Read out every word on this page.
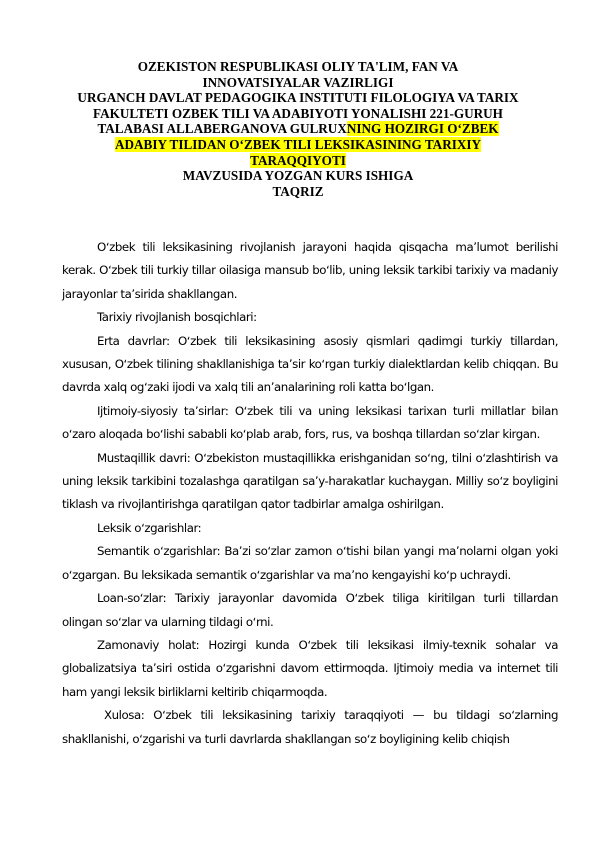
OZEKISTON RESPUBLIKASI OLIY TA'LIM, FAN VA
INNOVATSIYALAR VAZIRLIGI
URGANCH DAVLAT PEDAGOGIKA INSTITUTI FILOLOGIYA VA TARIX
FAKULTETI OZBEK TILI VA ADABIYOTI YONALISHI 221-GURUH
TALABASI ALLABERGANOVA GULRUXNING HOZIRGI OʻZBEK
ADABIY TILIDAN OʻZBEK TILI LEKSIKASINING TARIXIY
TARAQQIYOTI
MAVZUSIDA YOZGAN KURS ISHIGA
TAQRIZ

Oʻzbek tili leksikasining rivojlanish jarayoni haqida qisqacha maʼlumot berilishi kerak. Oʻzbek tili turkiy tillar oilasiga mansub boʻlib, uning leksik tarkibi tarixiy va madaniy jarayonlar taʼsirida shakllangan.

Tarixiy rivojlanish bosqichlari:

Erta davrlar: Oʻzbek tili leksikasining asosiy qismlari qadimgi turkiy tillardan, xususan, Oʻzbek tilining shakllanishiga taʼsir koʻrgan turkiy dialektlardan kelib chiqqan. Bu davrda xalq ogʻzaki ijodi va xalq tili anʼanalarining roli katta boʻlgan.

Ijtimoiy-siyosiy taʼsirlar: Oʻzbek tili va uning leksikasi tarixan turli millatlar bilan oʻzaro aloqada boʻlishi sababli koʻplab arab, fors, rus, va boshqa tillardan soʻzlar kirgan.

Mustaqillik davri: Oʻzbekiston mustaqillikka erishganidan soʻng, tilni oʻzlashtirish va uning leksik tarkibini tozalashga qaratilgan saʼy-harakatlar kuchaygan. Milliy soʻz boyligini tiklash va rivojlantirishga qaratilgan qator tadbirlar amalga oshirilgan.

Leksik oʻzgarishlar:

Semantik oʻzgarishlar: Baʼzi soʻzlar zamon oʻtishi bilan yangi maʼnolarni olgan yoki oʻzgargan. Bu leksikada semantik oʻzgarishlar va maʼno kengayishi koʻp uchraydi.

Loan-soʻzlar: Tarixiy jarayonlar davomida Oʻzbek tiliga kiritilgan turli tillardan olingan soʻzlar va ularning tildagi oʻrni.

Zamonaviy holat: Hozirgi kunda Oʻzbek tili leksikasi ilmiy-texnik sohalar va globalizatsiya taʼsiri ostida oʻzgarishni davom ettirmoqda. Ijtimoiy media va internet tili ham yangi leksik birliklarni keltirib chiqarmoqda.

Xulosa: Oʻzbek tili leksikasining tarixiy taraqqiyoti — bu tildagi soʻzlarning shakllanishi, oʻzgarishi va turli davrlarda shakllangan soʻz boyligining kelib chiqish
